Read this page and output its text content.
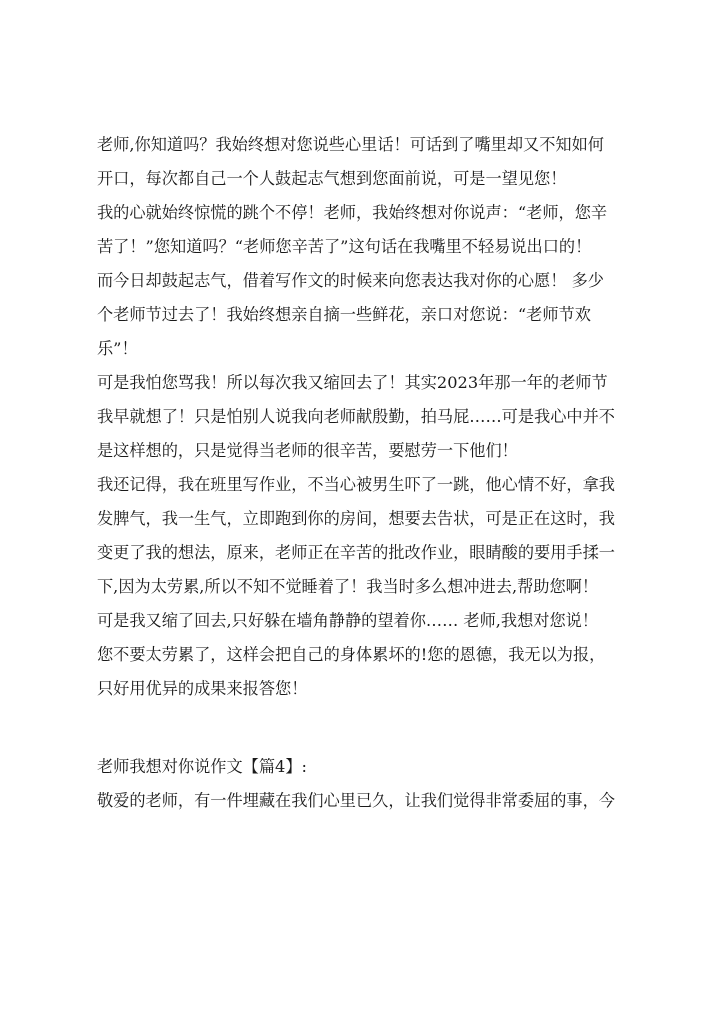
老师,你知道吗？我始终想对您说些心里话！可话到了嘴里却又不知如何
开口，每次都自己一个人鼓起志气想到您面前说，可是一望见您！
我的心就始终惊慌的跳个不停！老师，我始终想对你说声：“老师，您辛
苦了！”您知道吗？“老师您辛苦了”这句话在我嘴里不轻易说出口的！
而今日却鼓起志气，借着写作文的时候来向您表达我对你的心愿！ 多少
个老师节过去了！我始终想亲自摘一些鲜花，亲口对您说：“老师节欢
乐”！
可是我怕您骂我！所以每次我又缩回去了！其实2023年那一年的老师节
我早就想了！只是怕别人说我向老师献殷勤，拍马屁……可是我心中并不
是这样想的，只是觉得当老师的很辛苦，要慰劳一下他们！
我还记得，我在班里写作业，不当心被男生吓了一跳，他心情不好，拿我
发脾气，我一生气，立即跑到你的房间，想要去告状，可是正在这时，我
变更了我的想法，原来，老师正在辛苦的批改作业，眼睛酸的要用手揉一
下,因为太劳累,所以不知不觉睡着了！我当时多么想冲进去,帮助您啊！
可是我又缩了回去,只好躲在墙角静静的望着你…… 老师,我想对您说！
您不要太劳累了，这样会把自己的身体累坏的!您的恩德，我无以为报，
只好用优异的成果来报答您！
老师我想对你说作文【篇4】:
敬爱的老师，有一件埋藏在我们心里已久，让我们觉得非常委屈的事，今
